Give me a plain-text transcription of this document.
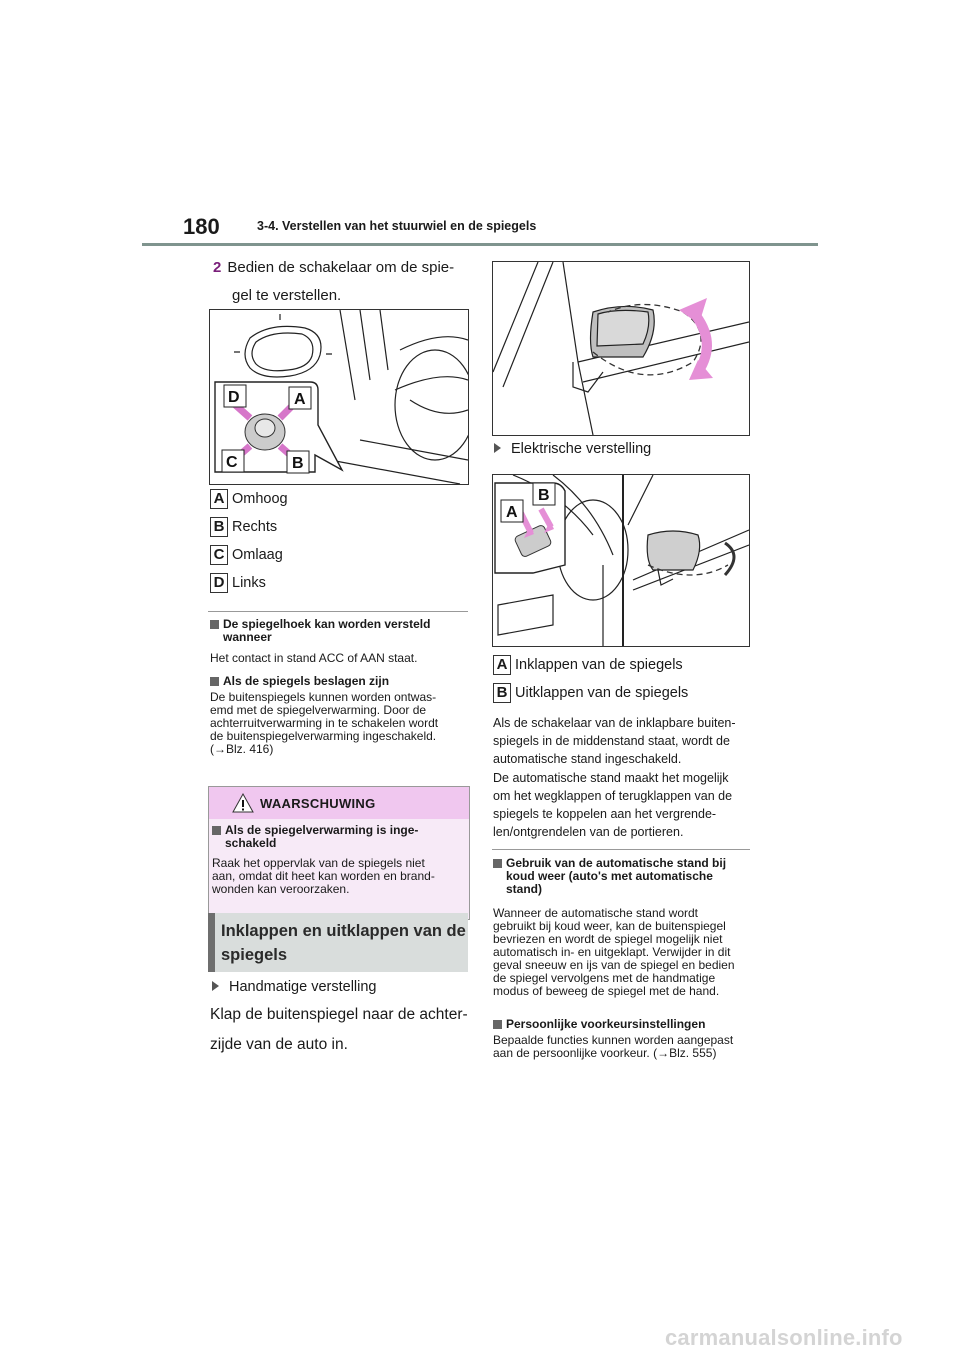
180	3-4. Verstellen van het stuurwiel en de spiegels
2 Bedien de schakelaar om de spie-
gel te verstellen.
D	A
C	B
A Omhoog
B Rechts
C Omlaag
D Links
De spiegelhoek kan worden versteld
wanneer
Het contact in stand ACC of AAN staat.
Als de spiegels beslagen zijn
De buitenspiegels kunnen worden ontwas-
emd met de spiegelverwarming. Door de
achterruitverwarming in te schakelen wordt
de buitenspiegelverwarming ingeschakeld.
(→Blz. 416)
WAARSCHUWING
Als de spiegelverwarming is inge-
schakeld
Raak het oppervlak van de spiegels niet
aan, omdat dit heet kan worden en brand-
wonden kan veroorzaken.
Inklappen en uitklappen van de
spiegels
Handmatige verstelling
Klap de buitenspiegel naar de achter-
zijde van de auto in.
Elektrische verstelling
B
A
A Inklappen van de spiegels
B Uitklappen van de spiegels
Als de schakelaar van de inklapbare buiten-
spiegels in de middenstand staat, wordt de
automatische stand ingeschakeld.
De automatische stand maakt het mogelijk
om het wegklappen of terugklappen van de
spiegels te koppelen aan het vergrende-
len/ontgrendelen van de portieren.
Gebruik van de automatische stand bij
koud weer (auto's met automatische
stand)
Wanneer de automatische stand wordt
gebruikt bij koud weer, kan de buitenspiegel
bevriezen en wordt de spiegel mogelijk niet
automatisch in- en uitgeklapt. Verwijder in dit
geval sneeuw en ijs van de spiegel en bedien
de spiegel vervolgens met de handmatige
modus of beweeg de spiegel met de hand.
Persoonlijke voorkeursinstellingen
Bepaalde functies kunnen worden aangepast
aan de persoonlijke voorkeur. (→Blz. 555)
carmanualsonline.info
